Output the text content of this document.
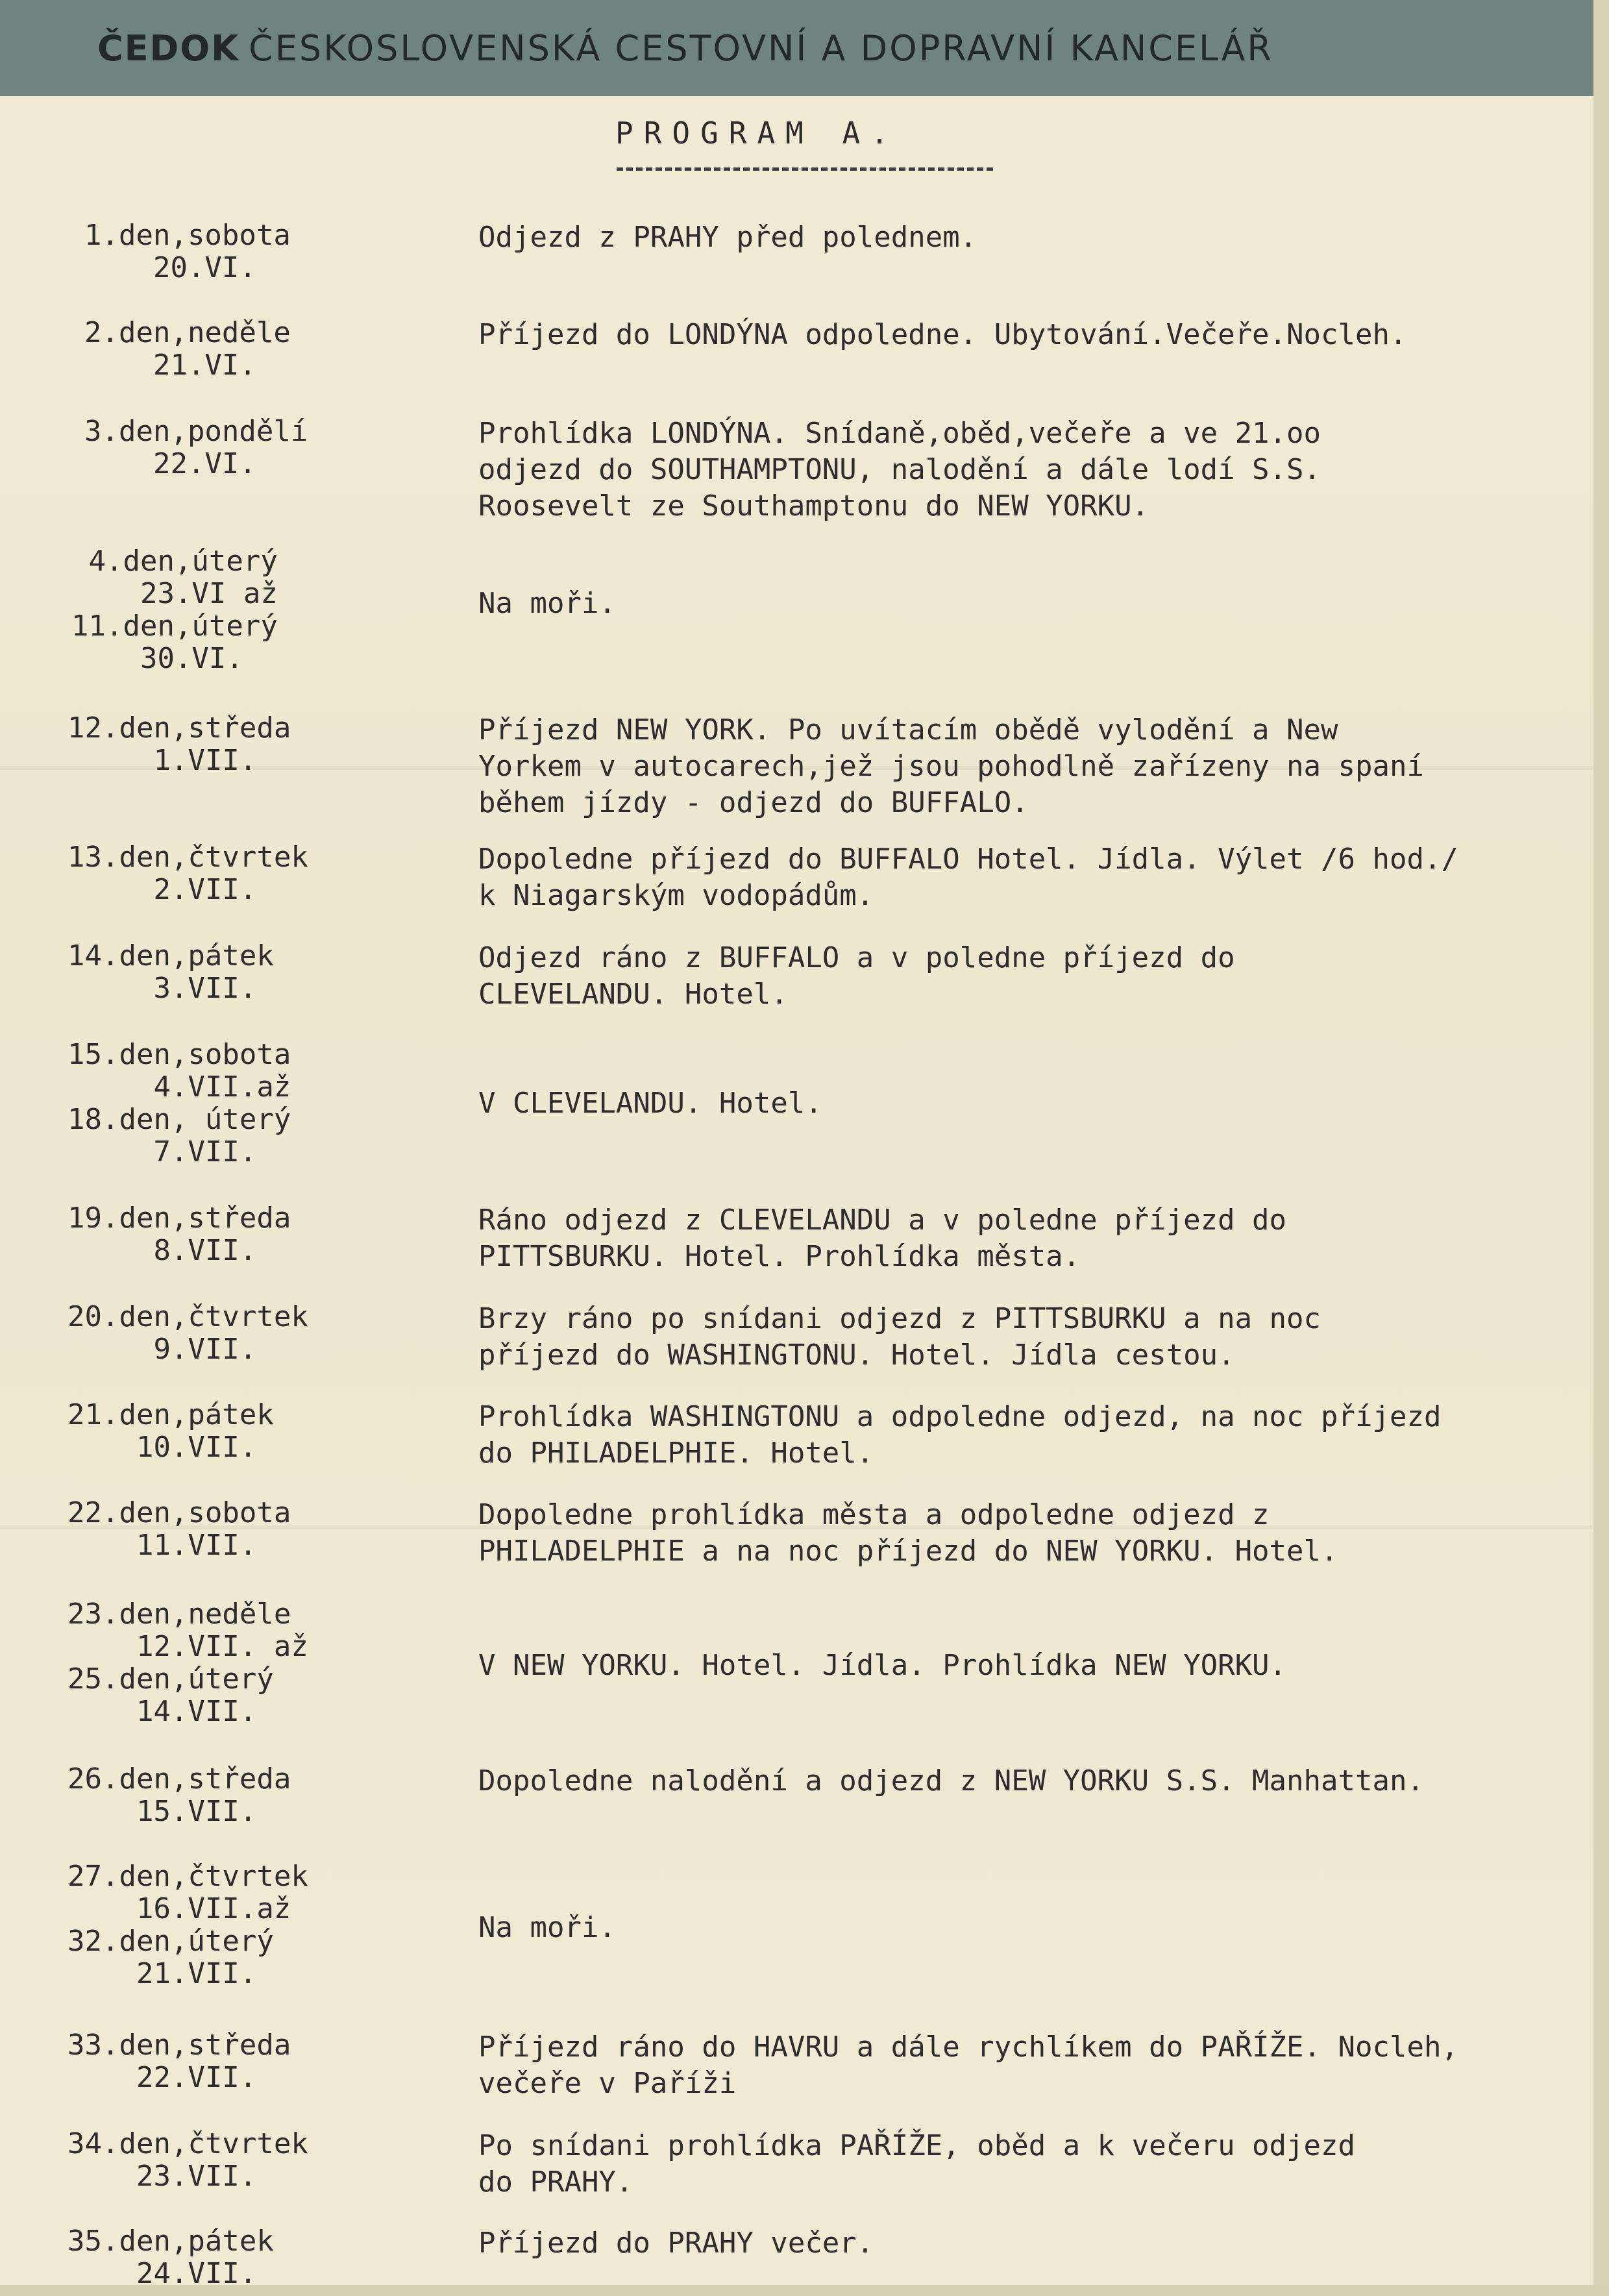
ČEDOK ČESKOSLOVENSKÁ CESTOVNÍ A DOPRAVNÍ KANCELÁŘ
PROGRAM A.
1.den,sobota
20.VI.
Odjezd z PRAHY před polednem.
2.den,neděle
21.VI.
Příjezd do LONDÝNA odpoledne. Ubytování.Večeře.Nocleh.
3.den,pondělí
22.VI.
Prohlídka LONDÝNA. Snídaně,oběd,večeře a ve 21.oo
odjezd do SOUTHAMPTONU, nalodění a dále lodí S.S.
Roosevelt ze Southamptonu do NEW YORKU.
4.den,úterý
23.VI až
11.den,úterý
30.VI.
Na moři.
12.den,středa
1.VII.
Příjezd NEW YORK. Po uvítacím obědě vylodění a New
Yorkem v autocarech,jež jsou pohodlně zařízeny na spaní
během jízdy - odjezd do BUFFALO.
13.den,čtvrtek
2.VII.
Dopoledne příjezd do BUFFALO Hotel. Jídla. Výlet /6 hod./
k Niagarským vodopádům.
14.den,pátek
3.VII.
Odjezd ráno z BUFFALO a v poledne příjezd do
CLEVELANDU. Hotel.
15.den,sobota
4.VII.až
18.den, úterý
7.VII.
V CLEVELANDU. Hotel.
19.den,středa
8.VII.
Ráno odjezd z CLEVELANDU a v poledne příjezd do
PITTSBURKU. Hotel. Prohlídka města.
20.den,čtvrtek
9.VII.
Brzy ráno po snídani odjezd z PITTSBURKU a na noc
příjezd do WASHINGTONU. Hotel. Jídla cestou.
21.den,pátek
10.VII.
Prohlídka WASHINGTONU a odpoledne odjezd, na noc příjezd
do PHILADELPHIE. Hotel.
22.den,sobota
11.VII.
Dopoledne prohlídka města a odpoledne odjezd z
PHILADELPHIE a na noc příjezd do NEW YORKU. Hotel.
23.den,neděle
12.VII. až
25.den,úterý
14.VII.
V NEW YORKU. Hotel. Jídla. Prohlídka NEW YORKU.
26.den,středa
15.VII.
Dopoledne nalodění a odjezd z NEW YORKU S.S. Manhattan.
27.den,čtvrtek
16.VII.až
32.den,úterý
21.VII.
Na moři.
33.den,středa
22.VII.
Příjezd ráno do HAVRU a dále rychlíkem do PAŘÍŽE. Nocleh,
večeře v Paříži
34.den,čtvrtek
23.VII.
Po snídani prohlídka PAŘÍŽE, oběd a k večeru odjezd
do PRAHY.
35.den,pátek
24.VII.
Příjezd do PRAHY večer.
